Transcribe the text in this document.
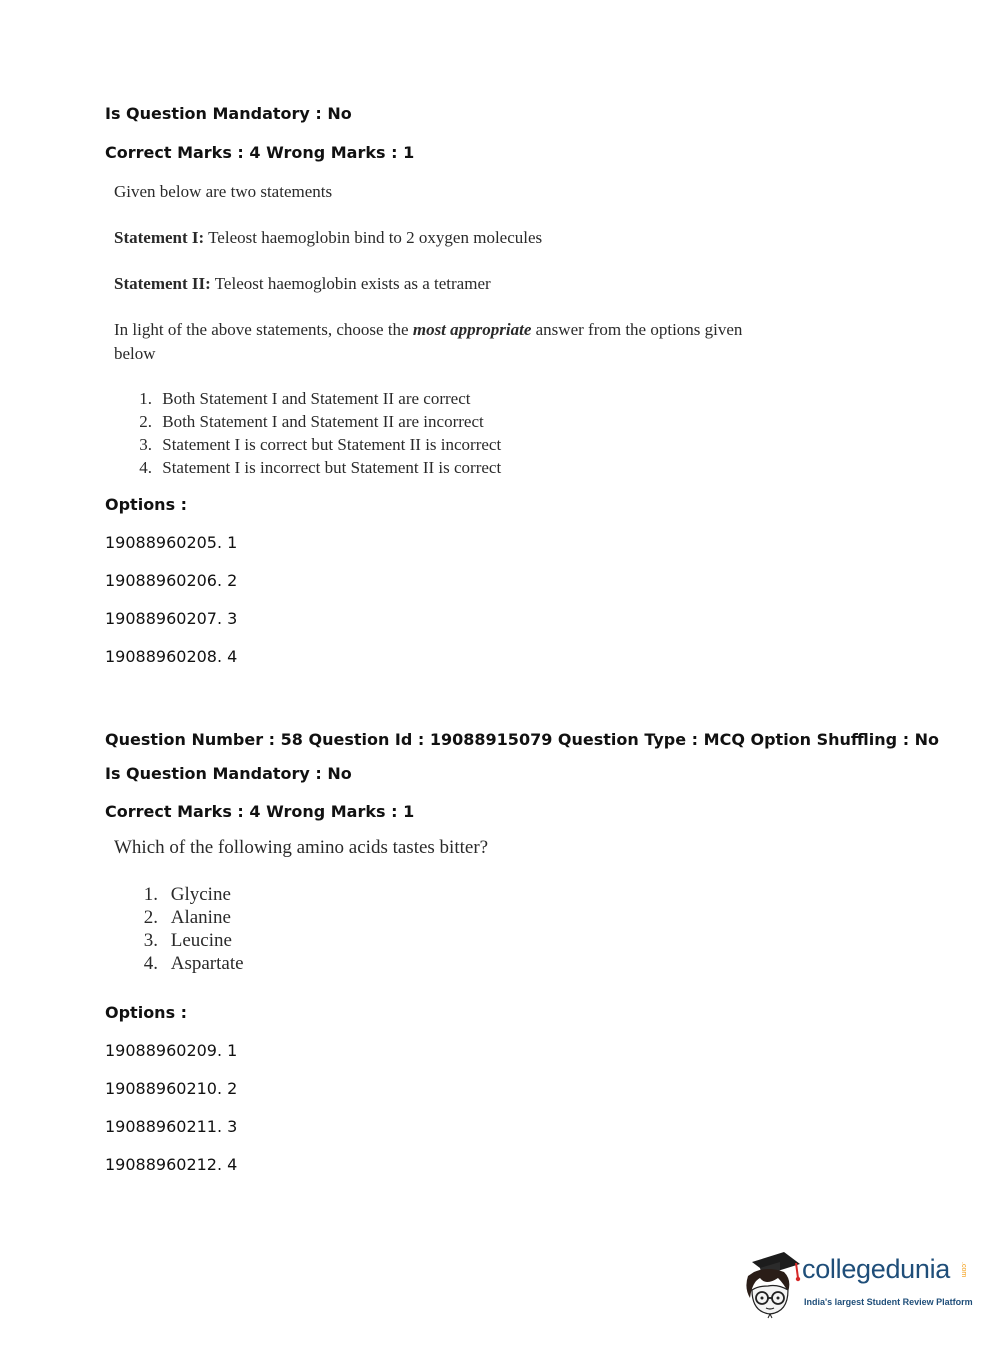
Is Question Mandatory : No

Correct Marks : 4 Wrong Marks : 1

Given below are two statements
Statement I: Teleost haemoglobin bind to 2 oxygen molecules
Statement II: Teleost haemoglobin exists as a tetramer
In light of the above statements, choose the most appropriate answer from the options given
below
1. Both Statement I and Statement II are correct
2. Both Statement I and Statement II are incorrect
3. Statement I is correct but Statement II is incorrect
4. Statement I is incorrect but Statement II is correct

Options :

19088960205. 1

19088960206. 2

19088960207. 3

19088960208. 4

Question Number : 58 Question Id : 19088915079 Question Type : MCQ Option Shuffling : No

Is Question Mandatory : No

Correct Marks : 4 Wrong Marks : 1

Which of the following amino acids tastes bitter?
1. Glycine
2. Alanine
3. Leucine
4. Aspartate

Options :

19088960209. 1

19088960210. 2

19088960211. 3

19088960212. 4

collegedunia .com
India's largest Student Review Platform
